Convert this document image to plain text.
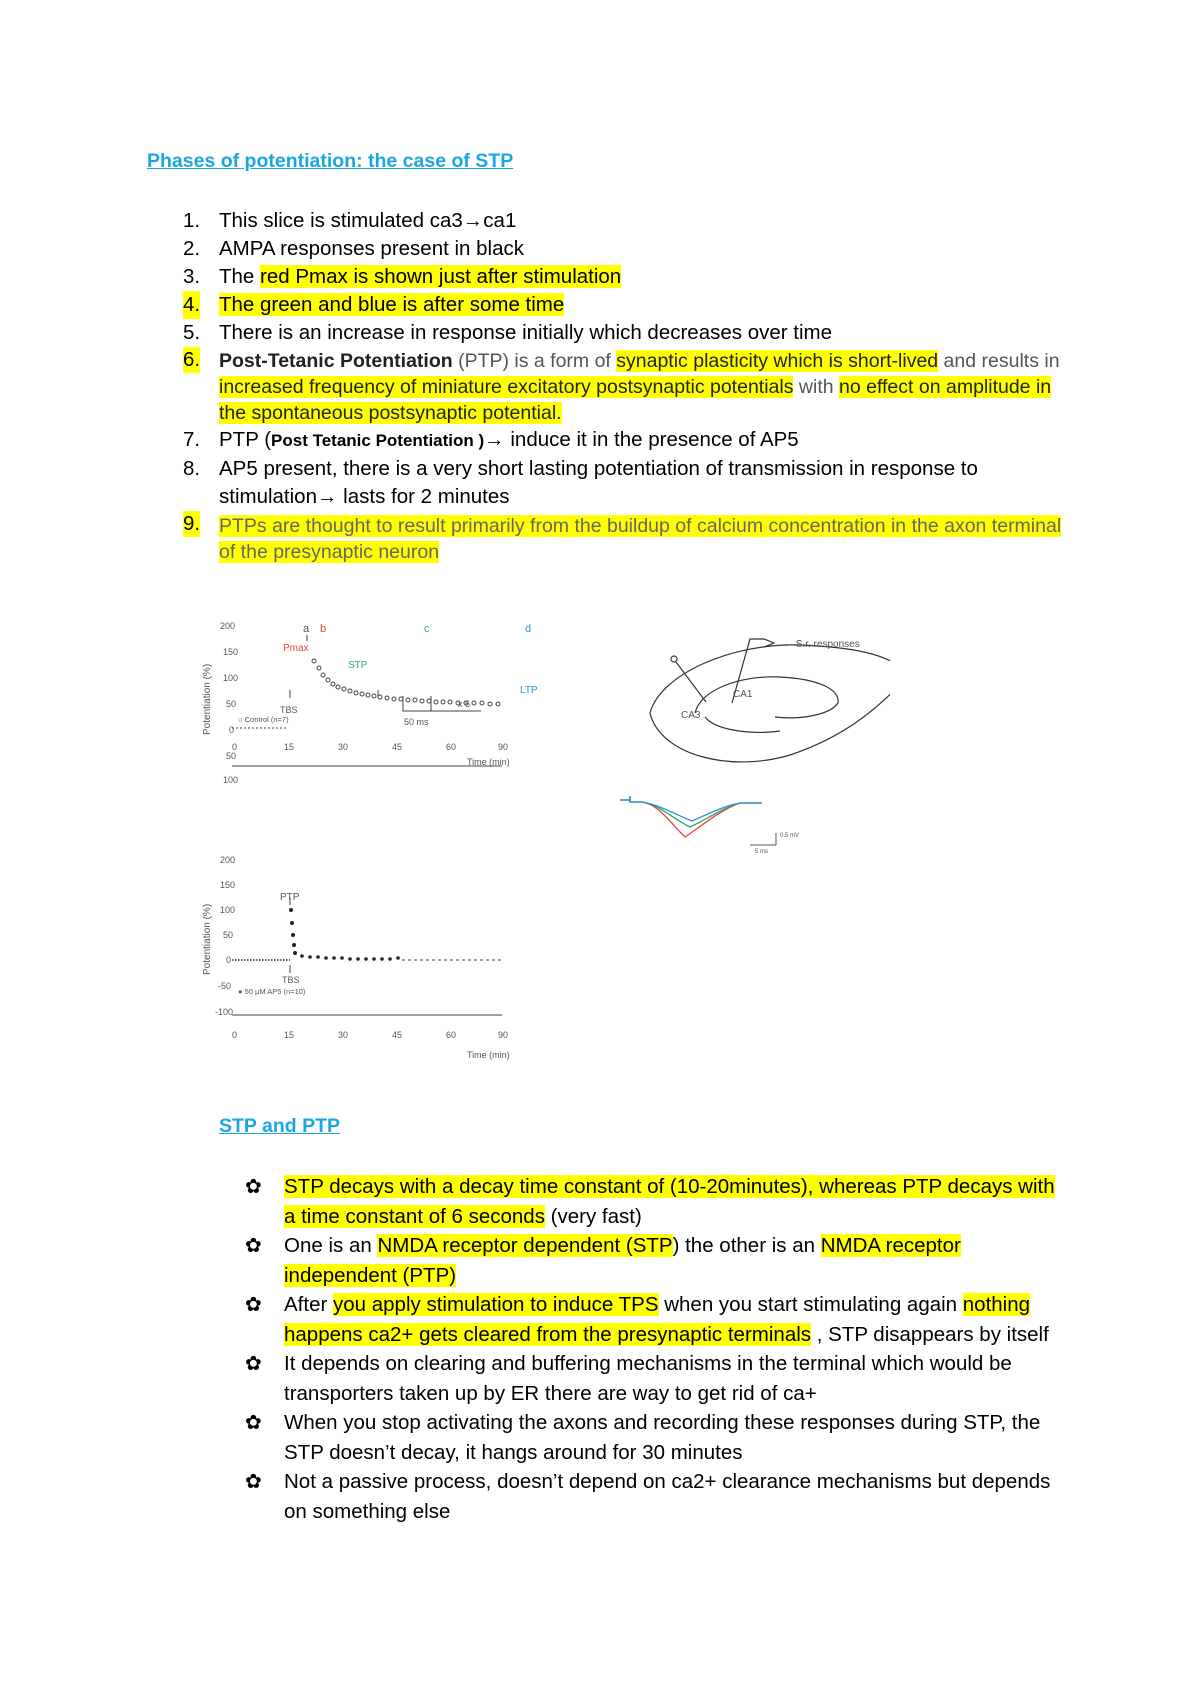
Phases of potentiation: the case of STP
1. This slice is stimulated ca3→ca1
2. AMPA responses present in black
3. The red Pmax is shown just after stimulation
4. The green and blue is after some time
5. There is an increase in response initially which decreases over time
6. Post-Tetanic Potentiation (PTP) is a form of synaptic plasticity which is short-lived and results in increased frequency of miniature excitatory postsynaptic potentials with no effect on amplitude in the spontaneous postsynaptic potential.
7. PTP (Post Tetanic Potentiation )→ induce it in the presence of AP5
8. AP5 present, there is a very short lasting potentiation of transmission in response to stimulation→ lasts for 2 minutes
9. PTPs are thought to result primarily from the buildup of calcium concentration in the axon terminal of the presynaptic neuron
Potentiation (%)
200
150
100
50
0
50
100
a b	c	d
Pmax
STP
LTP
TBS
○ Control (n=7)
x 5
50 ms
0	15	30	45	60	90
Time (min)
Potentiation (%)
200
150
100
50
0
-50
-100
PTP
TBS
● 50 μM AP5 (n=10)
0	15	30	45	60	90
Time (min)
← S.r. responses
CA1
CA3
0.5 mV
5 ms
STP and PTP
✿ STP decays with a decay time constant of (10-20minutes), whereas PTP decays with a time constant of 6 seconds (very fast)
✿ One is an NMDA receptor dependent (STP) the other is an NMDA receptor independent (PTP)
✿ After you apply stimulation to induce TPS when you start stimulating again nothing happens ca2+ gets cleared from the presynaptic terminals , STP disappears by itself
✿ It depends on clearing and buffering mechanisms in the terminal which would be transporters taken up by ER there are way to get rid of ca+
✿ When you stop activating the axons and recording these responses during STP, the STP doesn’t decay, it hangs around for 30 minutes
✿ Not a passive process, doesn’t depend on ca2+ clearance mechanisms but depends on something else
